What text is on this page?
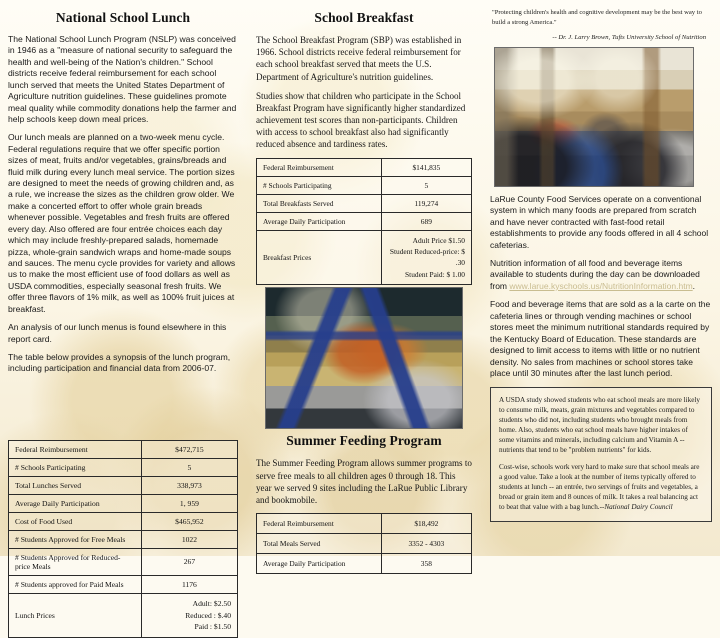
National School Lunch

The National School Lunch Program (NSLP) was conceived in 1946 as a "measure of national security to safeguard the health and well-being of the Nation's children." School districts receive federal reimbursement for each school lunch served that meets the United States Department of Agriculture nutrition guidelines. These guidelines promote meal quality while commodity donations help the farmer and help schools keep down meal prices.

Our lunch meals are planned on a two-week menu cycle. Federal regulations require that we offer specific portion sizes of meat, fruits and/or vegetables, grains/breads and fluid milk during every lunch meal service. The portion sizes are designed to meet the needs of growing children and, as a rule, we increase the sizes as the children grow older. We make a concerted effort to offer whole grain breads whenever possible. Vegetables and fresh fruits are offered every day. Also offered are four entrée choices each day which may include freshly-prepared salads, homemade pizza, whole-grain sandwich wraps and home-made soups and sauces. The menu cycle provides for variety and allows us to make the most efficient use of food dollars as well as USDA commodities, especially seasonal fresh fruits. We offer three flavors of 1% milk, as well as 100% fruit juices at breakfast.

An analysis of our lunch menus is found elsewhere in this report card.

The table below provides a synopsis of the lunch program, including participation and financial data from 2006-07.

Federal Reimbursement	$472,715
# Schools Participating	5
Total Lunches Served	338,973
Average Daily Participation	1, 959
Cost of Food Used	$465,952
# Students Approved for Free Meals	1022
# Students Approved for Reduced-price Meals	267
# Students approved for Paid Meals	1176
Lunch Prices	Adult: $2.50
Reduced : $.40
Paid : $1.50
School Breakfast

The School Breakfast Program (SBP) was established in 1966. School districts receive federal reimbursement for each school breakfast served that meets the U.S. Department of Agriculture's nutrition guidelines.

Studies show that children who participate in the School Breakfast Program have significantly higher standardized achievement test scores than non-participants. Children with access to school breakfast also had significantly reduced absence and tardiness rates.

Federal Reimbursement	$141,835
# Schools Participating	5
Total Breakfasts Served	119,274
Average Daily Participation	689
Breakfast Prices	Adult Price $1.50
Student Reduced-price: $ .30
Student Paid: $ 1.00
Summer Feeding Program

The Summer Feeding Program allows summer programs to serve free meals to all children ages 0 through 18. This year we served 9 sites including the LaRue Public Library and bookmobile.

Federal Reimbursement	$18,492
Total Meals Served	3352 - 4303
Average Daily Participation	358
"Protecting children's health and cognitive development may be the best way to build a strong America."
-- Dr. J. Larry Brown, Tufts University School of Nutrition

LaRue County Food Services operate on a conventional system in which many foods are prepared from scratch and have never contracted with fast-food retail establishments to provide any foods offered in all 4 school cafeterias.

Nutrition information of all food and beverage items available to students during the day can be downloaded from www.larue.kyschools.us/NutritionInformation.htm.

Food and beverage items that are sold as a la carte on the cafeteria lines or through vending machines or school stores meet the minimum nutritional standards required by the Kentucky Board of Education. These standards are designed to limit access to items with little or no nutrient density. No sales from machines or school stores take place until 30 minutes after the last lunch period.

A USDA study showed students who eat school meals are more likely to consume milk, meats, grain mixtures and vegetables compared to students who did not, including students who brought meals from home. Also, students who eat school meals have higher intakes of some vitamins and minerals, including calcium and Vitamin A -- nutrients that tend to be "problem nutrients" for kids.

Cost-wise, schools work very hard to make sure that school meals are a good value. Take a look at the number of items typically offered to students at lunch -- an entrée, two servings of fruits and vegetables, a bread or grain item and 8 ounces of milk. It takes a real balancing act to beat that value with a bag lunch.--National Dairy Council
